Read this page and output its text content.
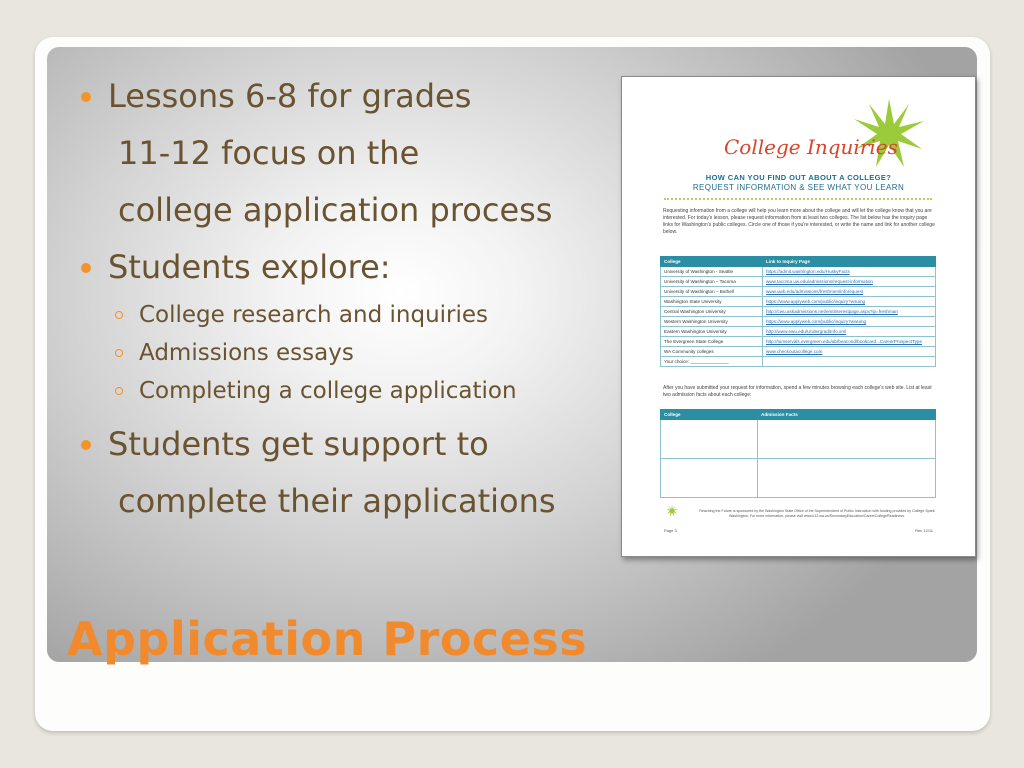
Lessons 6-8 for grades
11-12 focus on the
college application process
Students explore:
College research and inquiries
Admissions essays
Completing a college application
Students get support to
complete their applications
Application Process
College Inquiries
HOW CAN YOU FIND OUT ABOUT A COLLEGE?
REQUEST INFORMATION & SEE WHAT YOU LEARN
Requesting information from a college will help you learn more about the college and will let the college know that you are interested. For today's lesson, please request information from at least two colleges. The list below has the inquiry page links for Washington's public colleges. Circle one of those if you're interested, or write the name and link for another college below.
College	Link to Inquiry Page
University of Washington - Seattle	https://admit.washington.edu/HuskyFacts
University of Washington – Tacoma	www.tacoma.uw.edu/admissions/request-information
University of Washington – Bothell	www.uwb.edu/admissions/freshmen/inforequest
Washington State University	https://www.applyweb.com/public/inquiry?wsuing
Central Washington University	http://cwu.askadmissions.net/emtinterestpage.aspx?ip=freshman
Western Washington University	https://www.applyweb.com/public/inquiry?wwuing
Eastern Washington University	http://www.ewu.edu/Undergrad/Info.xml
The Evergreen State College	http://tumservals.evergreen.edu/ab/beacond/bookcard...CareerProspectType
WA Community colleges	www.checkoutacollege.com
Your choice: _______________	
After you have submitted your request for information, spend a few minutes browsing each college's web site. List at least two admission facts about each college:
College	Admission Facts

Reaching the Future is sponsored by the Washington State Office of the Superintendent of Public Instruction with funding provided by College Spark Washington. For more information, please visit www.k12.wa.us/SecondaryEducation/CareerCollegeReadiness.
Page 3	Rev 12/11
